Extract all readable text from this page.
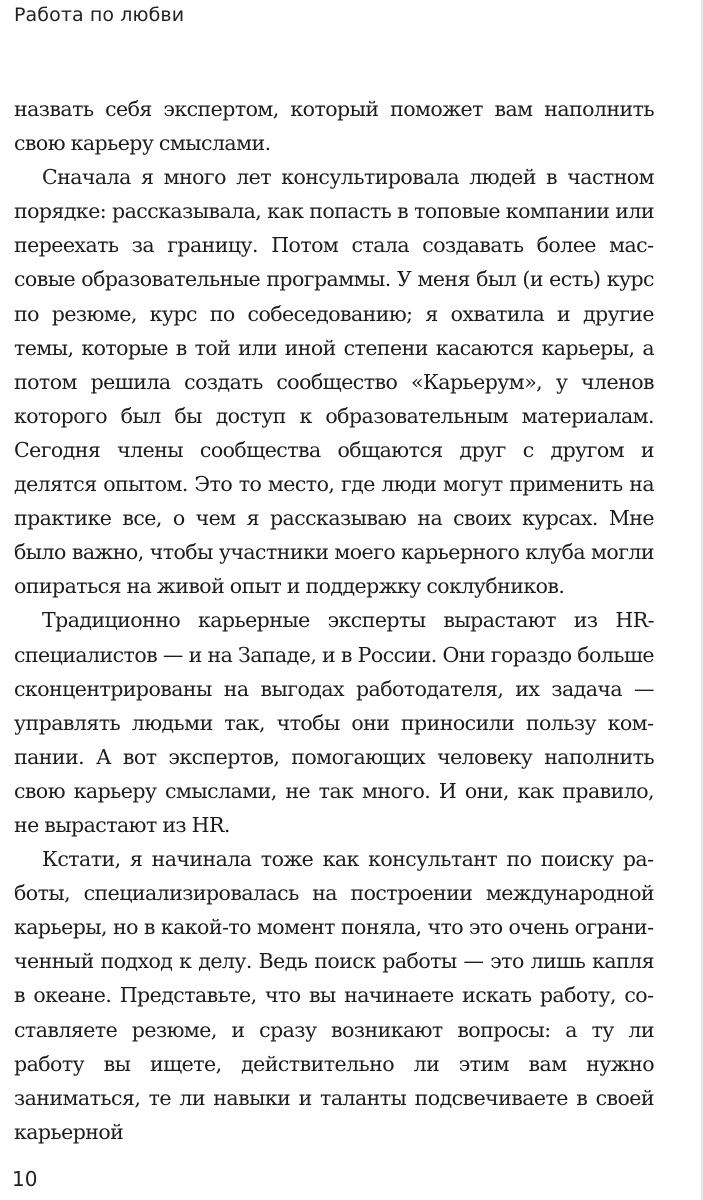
Работа по любви

назвать себя экспертом, который поможет вам наполнить свою карьеру смыслами.

Сначала я много лет консультировала людей в частном порядке: рассказывала, как попасть в топовые компании или переехать за границу. Потом стала создавать более массовые образовательные программы. У меня был (и есть) курс по резюме, курс по собеседованию; я охватила и другие темы, которые в той или иной степени касаются карьеры, а потом решила создать сообщество «Карьерум», у членов которого был бы доступ к образовательным материалам. Сегодня члены сообщества общаются друг с другом и делятся опытом. Это то место, где люди могут применить на практике все, о чем я рассказываю на своих курсах. Мне было важно, чтобы участники моего карьерного клуба могли опираться на живой опыт и поддержку соклубников.

Традиционно карьерные эксперты вырастают из HR-специалистов — и на Западе, и в России. Они гораздо больше сконцентрированы на выгодах работодателя, их задача — управлять людьми так, чтобы они приносили пользу компании. А вот экспертов, помогающих человеку наполнить свою карьеру смыслами, не так много. И они, как правило, не вырастают из HR.

Кстати, я начинала тоже как консультант по поиску работы, специализировалась на построении международной карьеры, но в какой-то момент поняла, что это очень ограниченный подход к делу. Ведь поиск работы — это лишь капля в океане. Представьте, что вы начинаете искать работу, составляете резюме, и сразу возникают вопросы: а ту ли работу вы ищете, действительно ли этим вам нужно заниматься, те ли навыки и таланты подсвечиваете в своей карьерной

10
